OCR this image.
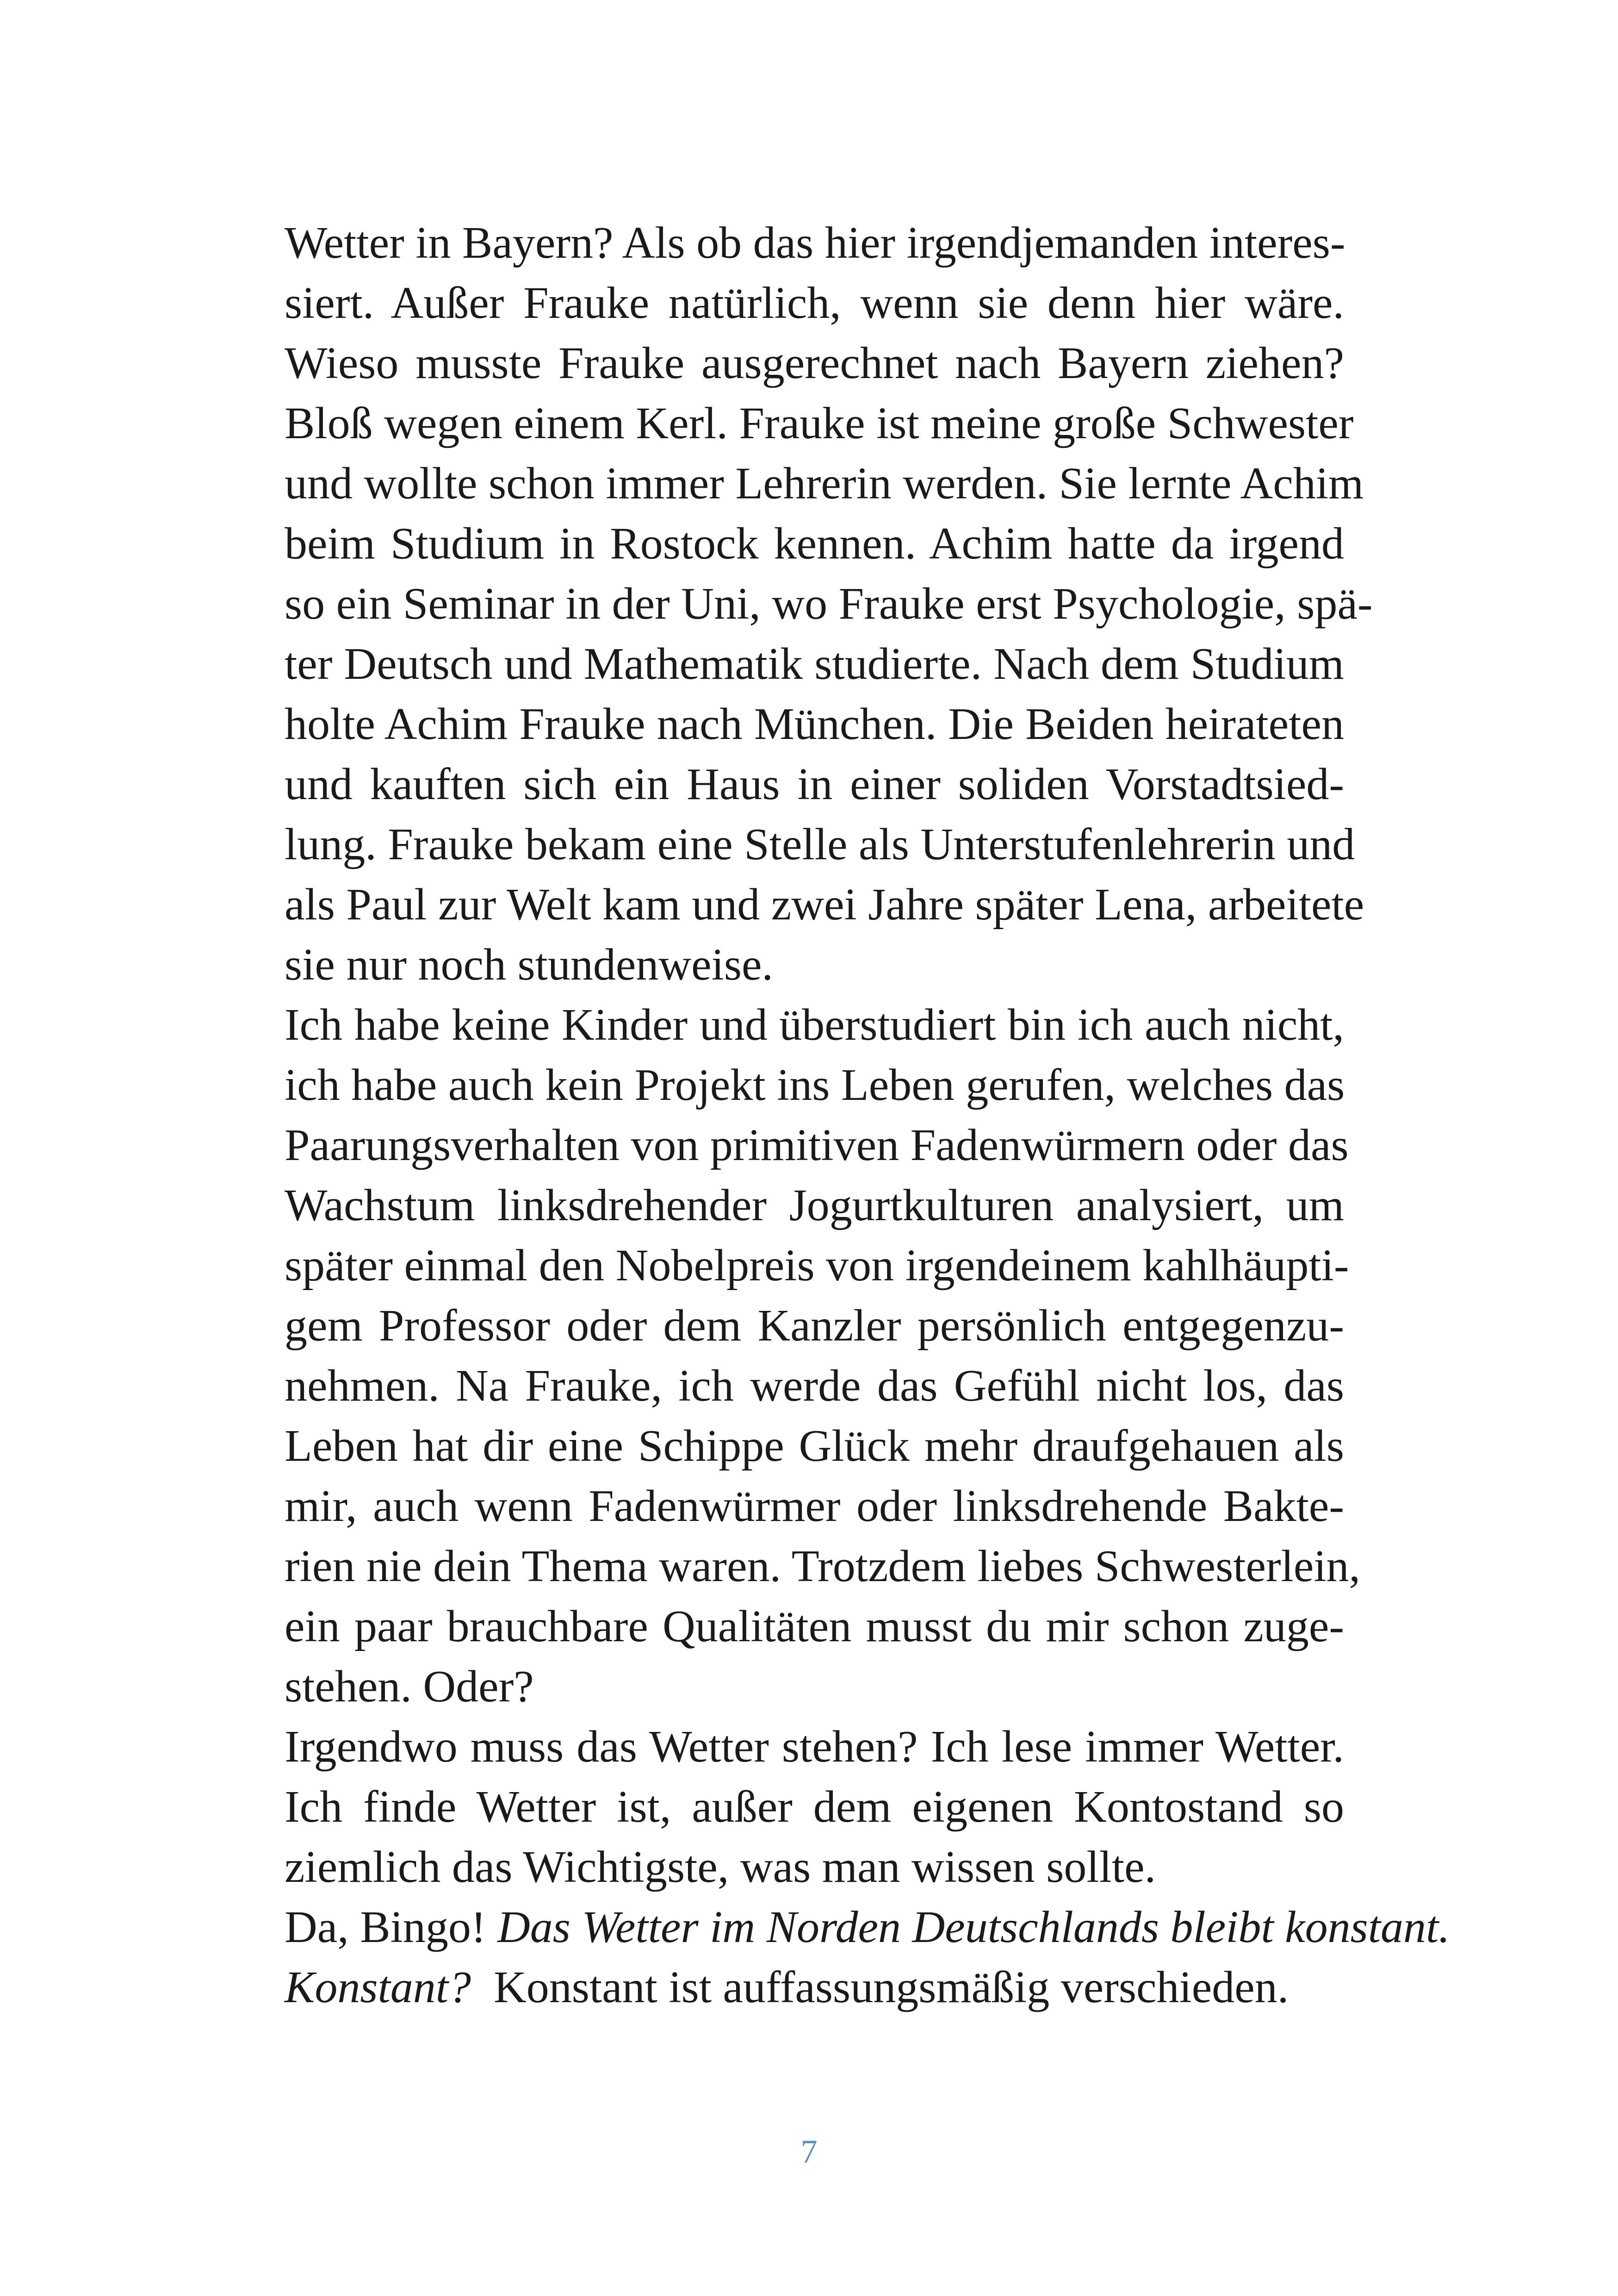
Wetter in Bayern? Als ob das hier irgendjemanden interes-
siert. Außer Frauke natürlich, wenn sie denn hier wäre.
Wieso musste Frauke ausgerechnet nach Bayern ziehen?
Bloß wegen einem Kerl. Frauke ist meine große Schwester
und wollte schon immer Lehrerin werden. Sie lernte Achim
beim Studium in Rostock kennen. Achim hatte da irgend
so ein Seminar in der Uni, wo Frauke erst Psychologie, spä-
ter Deutsch und Mathematik studierte. Nach dem Studium
holte Achim Frauke nach München. Die Beiden heirateten
und kauften sich ein Haus in einer soliden Vorstadtsied-
lung. Frauke bekam eine Stelle als Unterstufenlehrerin und
als Paul zur Welt kam und zwei Jahre später Lena, arbeitete
sie nur noch stundenweise.
Ich habe keine Kinder und überstudiert bin ich auch nicht,
ich habe auch kein Projekt ins Leben gerufen, welches das
Paarungsverhalten von primitiven Fadenwürmern oder das
Wachstum linksdrehender Jogurtkulturen analysiert, um
später einmal den Nobelpreis von irgendeinem kahlhäupti-
gem Professor oder dem Kanzler persönlich entgegenzu-
nehmen. Na Frauke, ich werde das Gefühl nicht los, das
Leben hat dir eine Schippe Glück mehr draufgehauen als
mir, auch wenn Fadenwürmer oder linksdrehende Bakte-
rien nie dein Thema waren. Trotzdem liebes Schwesterlein,
ein paar brauchbare Qualitäten musst du mir schon zuge-
stehen. Oder?
Irgendwo muss das Wetter stehen? Ich lese immer Wetter.
Ich finde Wetter ist, außer dem eigenen Kontostand so
ziemlich das Wichtigste, was man wissen sollte.
Da, Bingo! Das Wetter im Norden Deutschlands bleibt konstant.
Konstant?  Konstant ist auffassungsmäßig verschieden.
7
